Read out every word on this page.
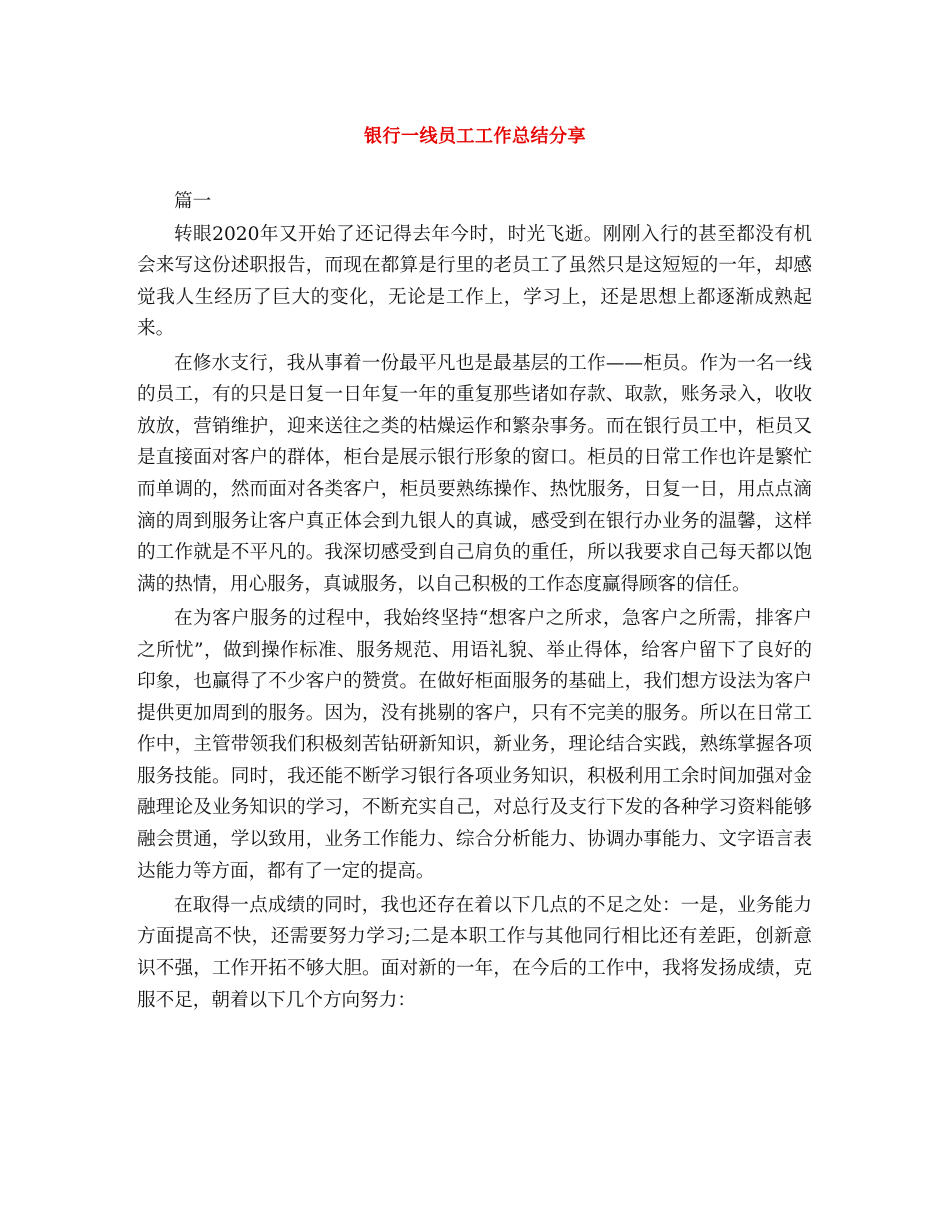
银行一线员工工作总结分享

篇一

转眼2020年又开始了还记得去年今时，时光飞逝。刚刚入行的甚至都没有机会来写这份述职报告，而现在都算是行里的老员工了虽然只是这短短的一年，却感觉我人生经历了巨大的变化，无论是工作上，学习上，还是思想上都逐渐成熟起来。

在修水支行，我从事着一份最平凡也是最基层的工作——柜员。作为一名一线的员工，有的只是日复一日年复一年的重复那些诸如存款、取款，账务录入，收收放放，营销维护，迎来送往之类的枯燥运作和繁杂事务。而在银行员工中，柜员又是直接面对客户的群体，柜台是展示银行形象的窗口。柜员的日常工作也许是繁忙而单调的，然而面对各类客户，柜员要熟练操作、热忱服务，日复一日，用点点滴滴的周到服务让客户真正体会到九银人的真诚，感受到在银行办业务的温馨，这样的工作就是不平凡的。我深切感受到自己肩负的重任，所以我要求自己每天都以饱满的热情，用心服务，真诚服务，以自己积极的工作态度赢得顾客的信任。

在为客户服务的过程中，我始终坚持“想客户之所求，急客户之所需，排客户之所忧”，做到操作标准、服务规范、用语礼貌、举止得体，给客户留下了良好的印象，也赢得了不少客户的赞赏。在做好柜面服务的基础上，我们想方设法为客户提供更加周到的服务。因为，没有挑剔的客户，只有不完美的服务。所以在日常工作中，主管带领我们积极刻苦钻研新知识，新业务，理论结合实践，熟练掌握各项服务技能。同时，我还能不断学习银行各项业务知识，积极利用工余时间加强对金融理论及业务知识的学习，不断充实自己，对总行及支行下发的各种学习资料能够融会贯通，学以致用，业务工作能力、综合分析能力、协调办事能力、文字语言表达能力等方面，都有了一定的提高。

在取得一点成绩的同时，我也还存在着以下几点的不足之处：一是，业务能力方面提高不快，还需要努力学习;二是本职工作与其他同行相比还有差距，创新意识不强，工作开拓不够大胆。面对新的一年，在今后的工作中，我将发扬成绩，克服不足，朝着以下几个方向努力：
